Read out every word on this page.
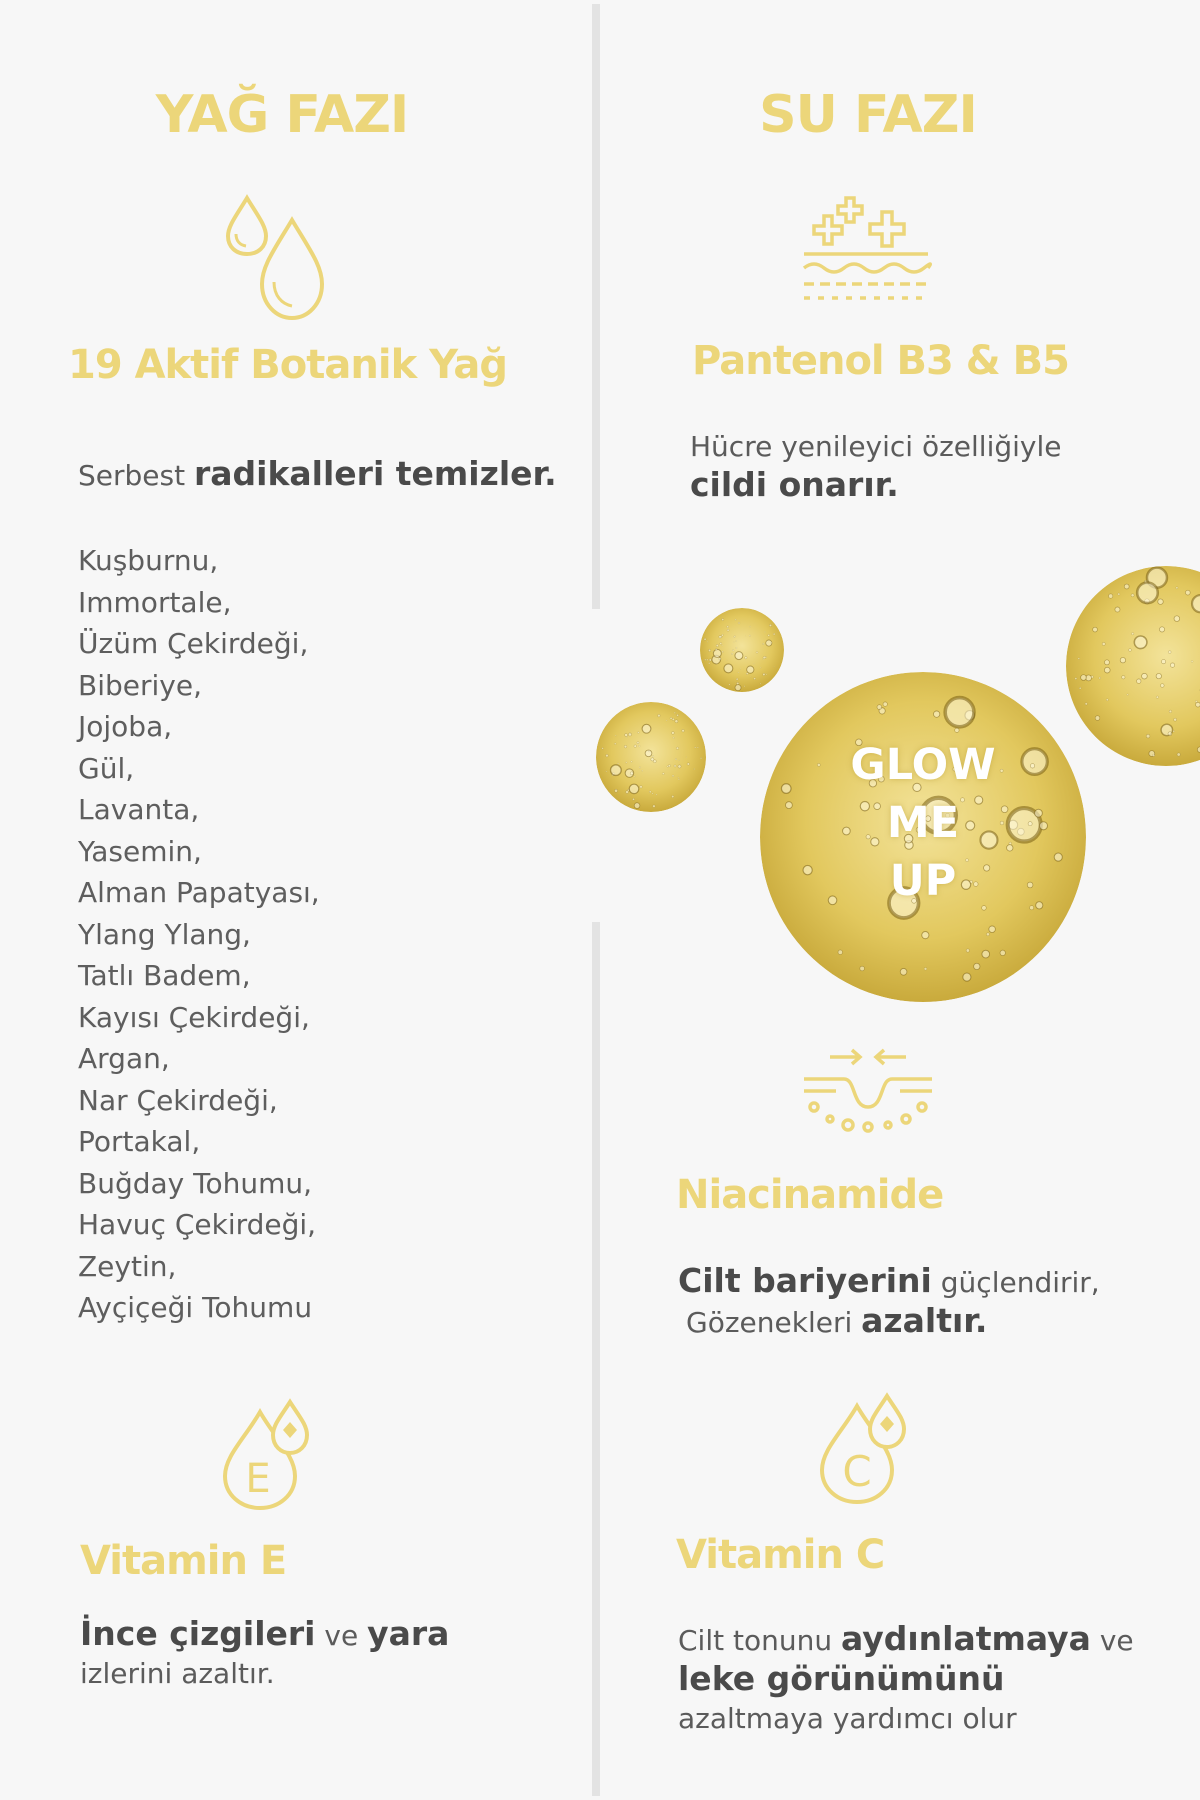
YAĞ FAZI
19 Aktif Botanik Yağ
Serbest radikalleri temizler.
Kuşburnu,
Immortale,
Üzüm Çekirdeği,
Biberiye,
Jojoba,
Gül,
Lavanta,
Yasemin,
Alman Papatyası,
Ylang Ylang,
Tatlı Badem,
Kayısı Çekirdeği,
Argan,
Nar Çekirdeği,
Portakal,
Buğday Tohumu,
Havuç Çekirdeği,
Zeytin,
Ayçiçeği Tohumu
E
Vitamin E
İnce çizgileri ve yara
izlerini azaltır.
SU FAZI
Pantenol B3 & B5
Hücre yenileyici özelliğiyle
cildi onarır.
GLOW
ME
UP
Niacinamide
Cilt bariyerini güçlendirir,
Gözenekleri azaltır.
C
Vitamin C
Cilt tonunu aydınlatmaya ve
leke görünümünü
azaltmaya yardımcı olur
